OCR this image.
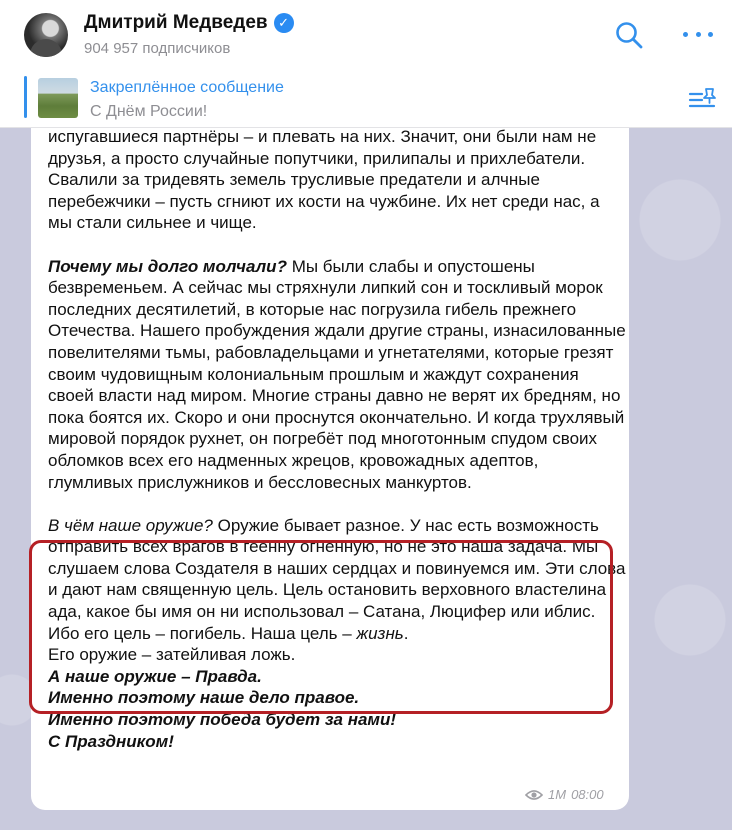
Дмитрий Медведев ✓
904 957 подписчиков
Закреплённое сообщение
С Днём России!

испугавшиеся партнёры – и плевать на них. Значит, они были нам не друзья, а просто случайные попутчики, прилипалы и прихлебатели.

Свалили за тридевять земель трусливые предатели и алчные перебежчики – пусть сгниют их кости на чужбине. Их нет среди нас, а мы стали сильнее и чище.

Почему мы долго молчали? Мы были слабы и опустошены безвременьем. А сейчас мы стряхнули липкий сон и тоскливый морок последних десятилетий, в которые нас погрузила гибель прежнего Отечества. Нашего пробуждения ждали другие страны, изнасилованные повелителями тьмы, рабовладельцами и угнетателями, которые грезят своим чудовищным колониальным прошлым и жаждут сохранения своей власти над миром. Многие страны давно не верят их бредням, но пока боятся их. Скоро и они проснутся окончательно. И когда трухлявый мировой порядок рухнет, он погребёт под многотонным спудом своих обломков всех его надменных жрецов, кровожадных адептов, глумливых прислужников и бессловесных манкуртов.

В чём наше оружие? Оружие бывает разное. У нас есть возможность отправить всех врагов в геенну огненную, но не это наша задача. Мы слушаем слова Создателя в наших сердцах и повинуемся им. Эти слова и дают нам священную цель. Цель остановить верховного властелина ада, какое бы имя он ни использовал – Сатана, Люцифер или иблис. Ибо его цель – погибель. Наша цель – жизнь.

Его оружие – затейливая ложь.

А наше оружие – Правда.

Именно поэтому наше дело правое.

Именно поэтому победа будет за нами!

С Праздником!

1M 08:00
